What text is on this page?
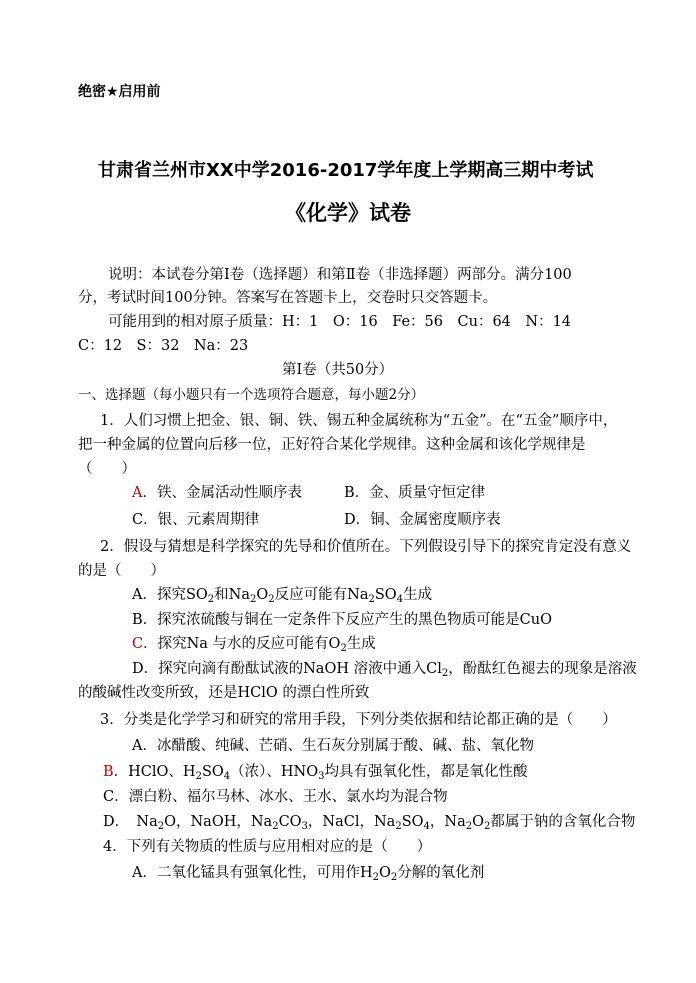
绝密★启用前
甘肃省兰州市XX中学2016-2017学年度上学期高三期中考试
《化学》试卷
说明：本试卷分第Ⅰ卷（选择题）和第Ⅱ卷（非选择题）两部分。满分100
分，考试时间100分钟。答案写在答题卡上，交卷时只交答题卡。
可能用到的相对原子质量：H：1　O：16　Fe：56　Cu：64　N：14
C：12　S：32　Na：23
第Ⅰ卷（共50分）
一、选择题（每小题只有一个选项符合题意，每小题2分）
1．人们习惯上把金、银、铜、铁、锡五种金属统称为“五金”。在“五金”顺序中，
把一种金属的位置向后移一位，正好符合某化学规律。这种金属和该化学规律是
（　　）
A．铁、金属活动性顺序表	B．金、质量守恒定律
C．银、元素周期律	D．铜、金属密度顺序表
2．假设与猜想是科学探究的先导和价值所在。下列假设引导下的探究肯定没有意义
的是（　　）
A．探究$SO_2$和$Na_2O_2$反应可能有$Na_2SO_4$生成
B．探究浓硫酸与铜在一定条件下反应产生的黑色物质可能是CuO
C．探究Na 与水的反应可能有$O_2$生成
D．探究向滴有酚酞试液的NaOH 溶液中通入$Cl_2$，酚酞红色褪去的现象是溶液
的酸碱性改变所致，还是HClO 的漂白性所致
3．分类是化学学习和研究的常用手段，下列分类依据和结论都正确的是（　　）
A．冰醋酸、纯碱、芒硝、生石灰分别属于酸、碱、盐、氧化物
B．HClO、$H_2SO_4$（浓）、$HNO_3$均具有强氧化性，都是氧化性酸
C．漂白粉、福尔马林、冰水、王水、氯水均为混合物
D．　$Na_2O$，NaOH，$Na_2CO_3$，NaCl，$Na_2SO_4$，$Na_2O_2$都属于钠的含氧化合物
4．下列有关物质的性质与应用相对应的是（　　）
A．二氧化锰具有强氧化性，可用作$H_2O_2$分解的氧化剂
